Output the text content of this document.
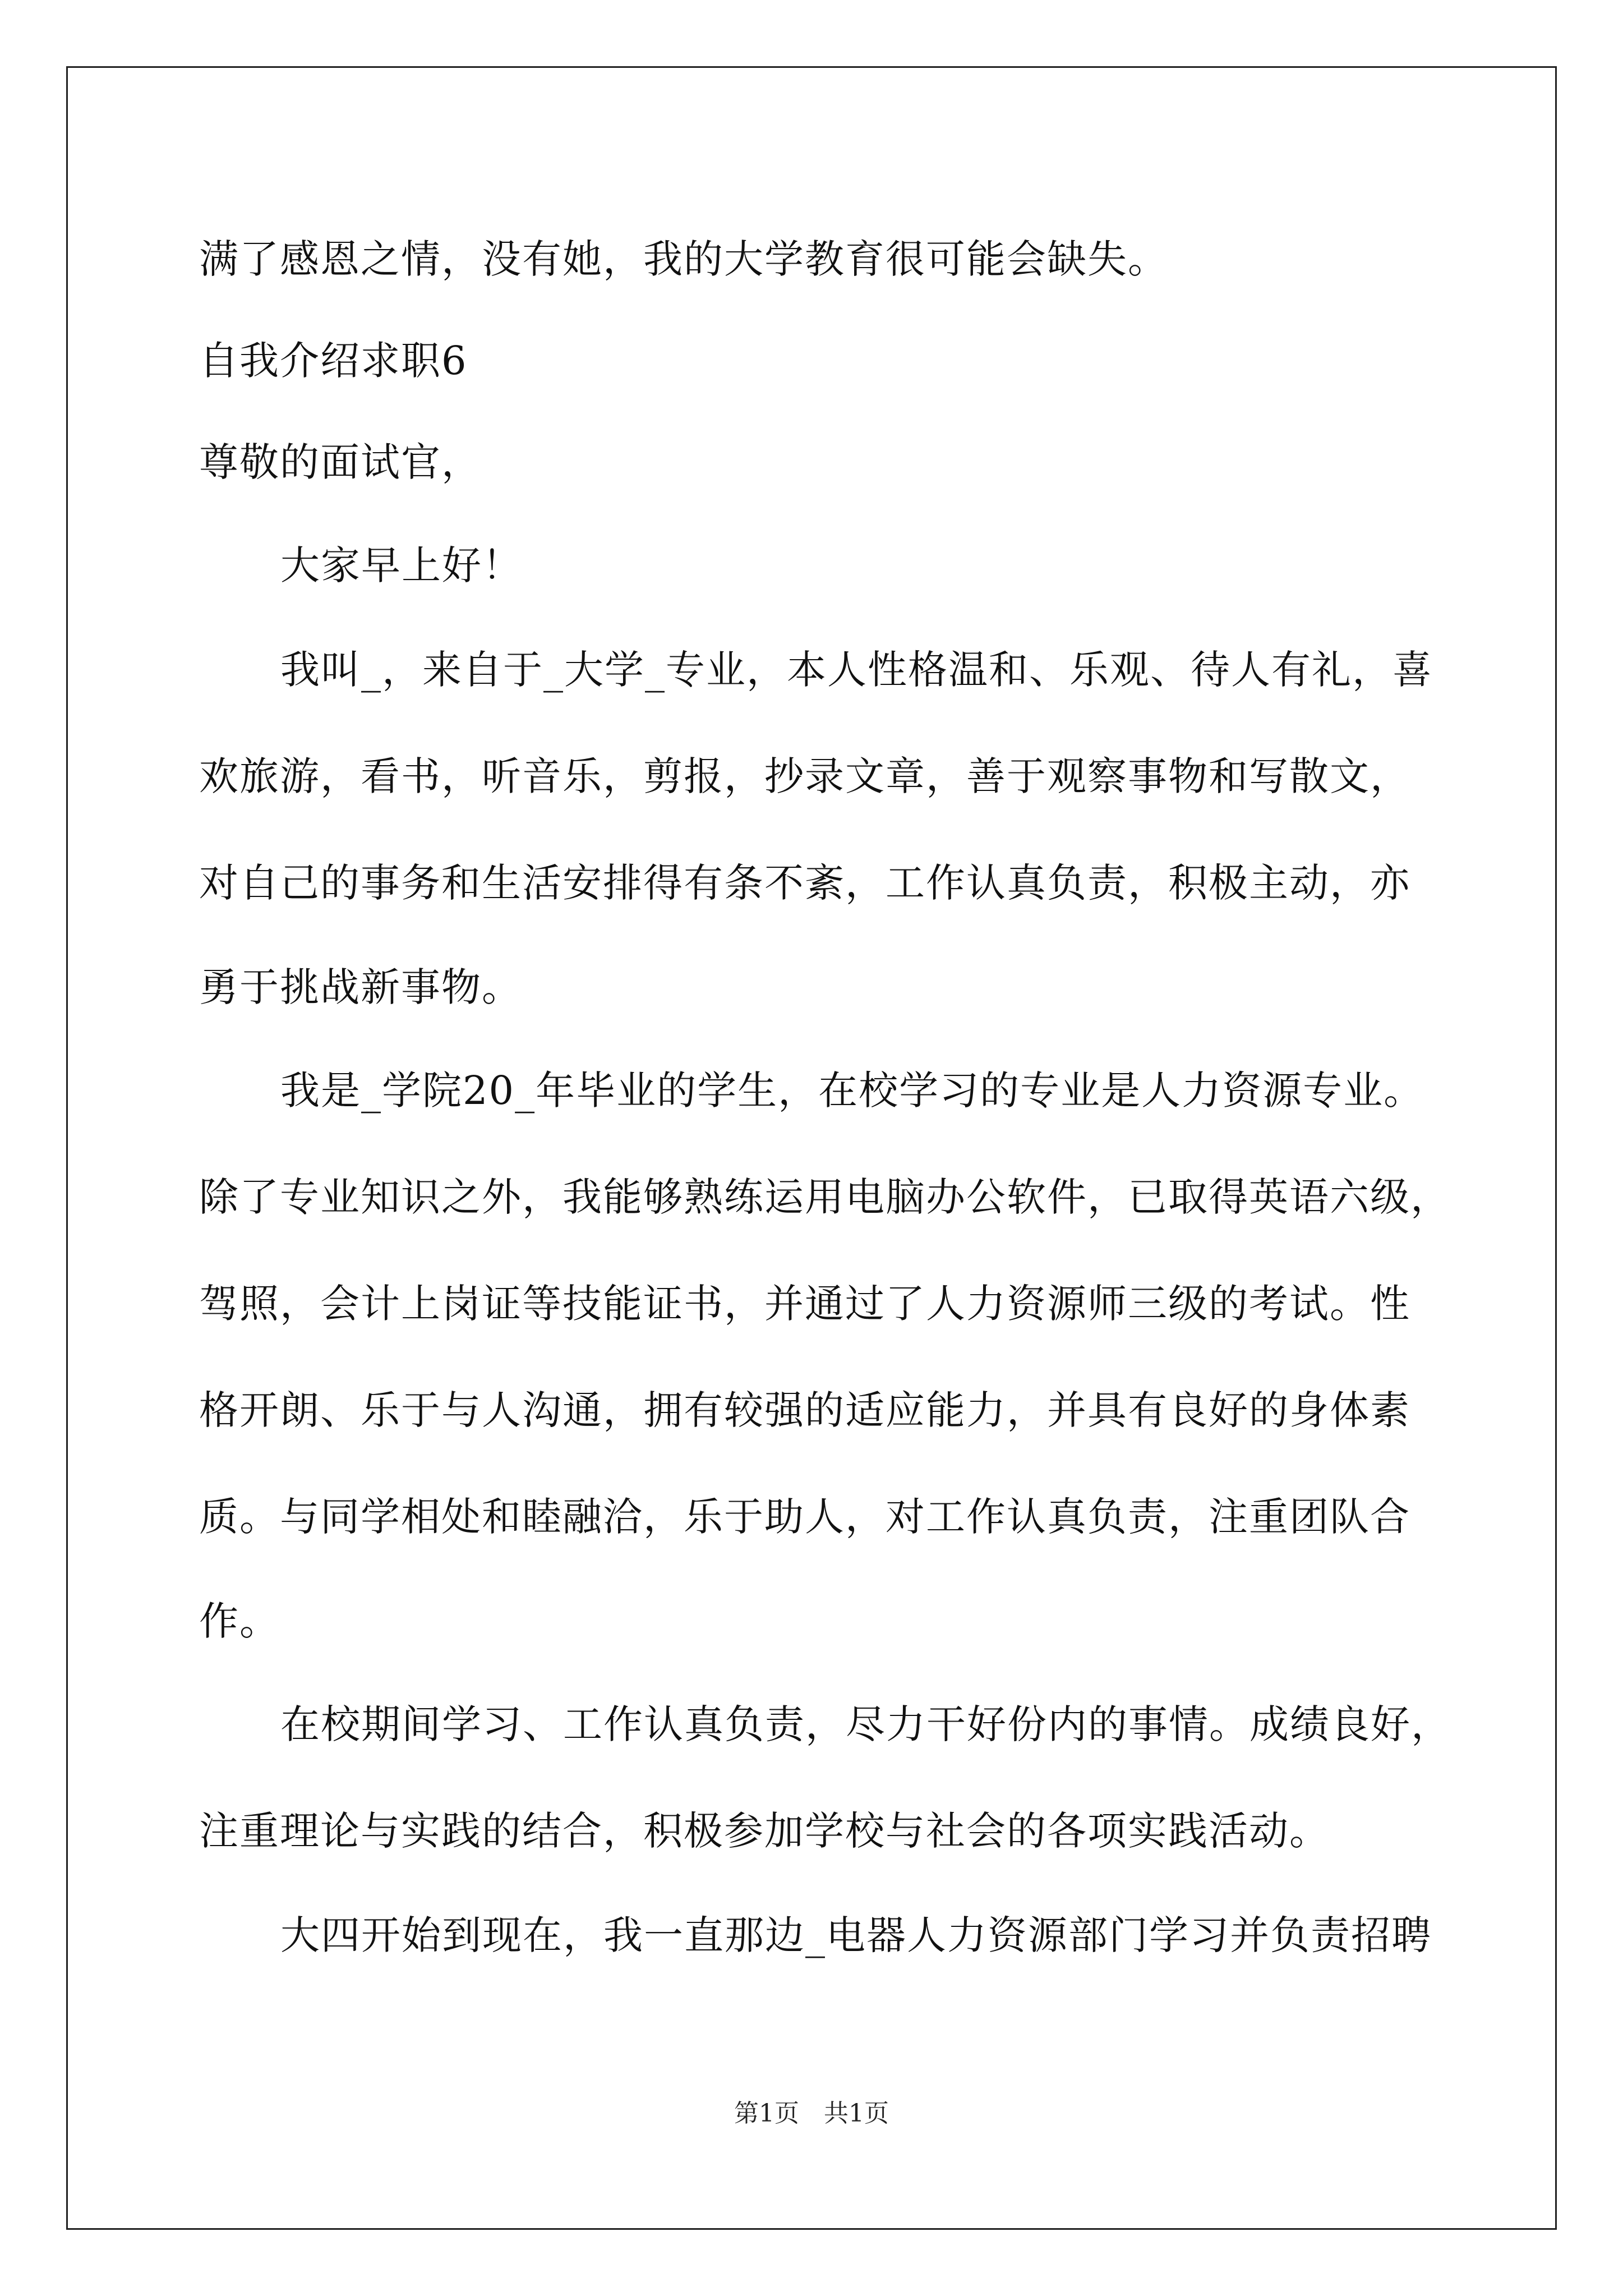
满了感恩之情，没有她，我的大学教育很可能会缺失。
自我介绍求职6
尊敬的面试官，
大家早上好！
我叫_，来自于_大学_专业，本人性格温和、乐观、待人有礼，喜
欢旅游，看书，听音乐，剪报，抄录文章，善于观察事物和写散文，
对自己的事务和生活安排得有条不紊，工作认真负责，积极主动，亦
勇于挑战新事物。
我是_学院20_年毕业的学生，在校学习的专业是人力资源专业。
除了专业知识之外，我能够熟练运用电脑办公软件，已取得英语六级，
驾照，会计上岗证等技能证书，并通过了人力资源师三级的考试。性
格开朗、乐于与人沟通，拥有较强的适应能力，并具有良好的身体素
质。与同学相处和睦融洽，乐于助人，对工作认真负责，注重团队合
作。
在校期间学习、工作认真负责，尽力干好份内的事情。成绩良好，
注重理论与实践的结合，积极参加学校与社会的各项实践活动。
大四开始到现在，我一直那边_电器人力资源部门学习并负责招聘
第1页　共1页
